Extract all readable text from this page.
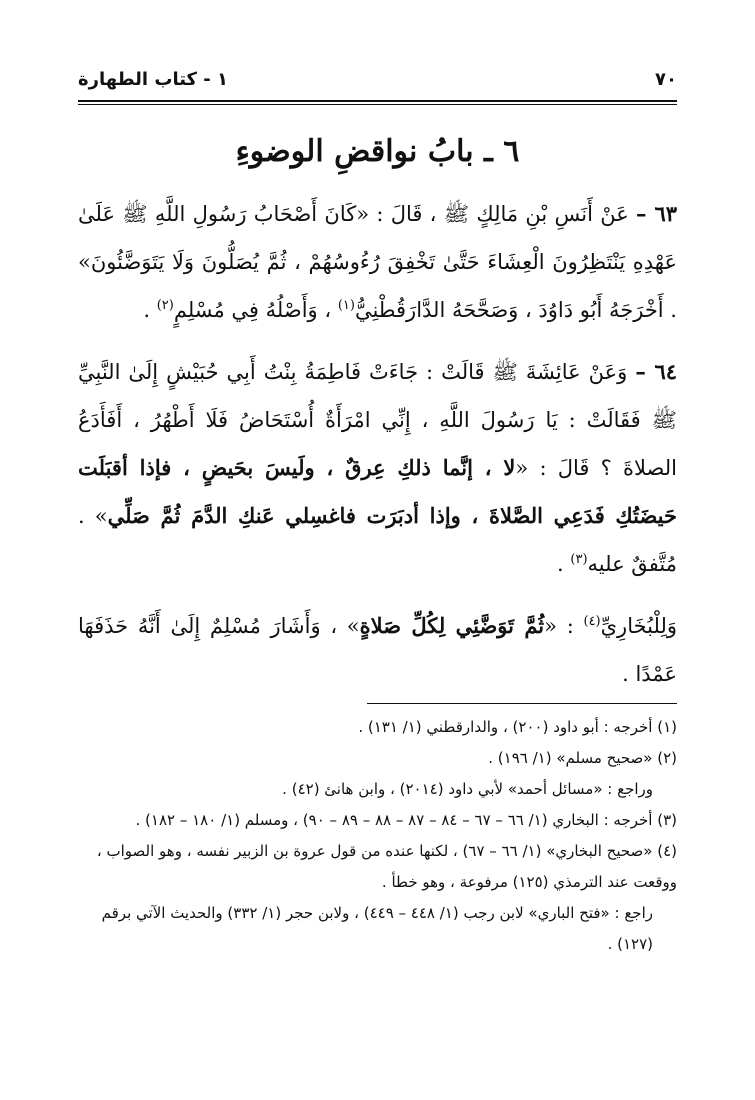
٧٠
١ - كتاب الطهارة
٦ ـ بابُ نواقضِ الوضوءِ

٦٣ – عَنْ أَنَسِ بْنِ مَالِكٍ ﷺ ، قَالَ : «كَانَ أَصْحَابُ رَسُولِ اللَّهِ ﷺ عَلَىٰ عَهْدِهِ يَنْتَظِرُونَ الْعِشَاءَ حَتَّىٰ تَخْفِقَ رُءُوسُهُمْ ، ثُمَّ يُصَلُّونَ وَلَا يَتَوَضَّئُونَ» . أَخْرَجَهُ أَبُو دَاوُدَ ، وَصَحَّحَهُ الدَّارَقُطْنِيُّ$^{(١)}$ ، وَأَصْلُهُ فِي مُسْلِمٍ$^{(٢)}$ .

٦٤ – وَعَنْ عَائِشَةَ ﷺ قَالَتْ : جَاءَتْ فَاطِمَةُ بِنْتُ أَبِي حُبَيْشٍ إِلَىٰ النَّبِيِّ ﷺ فَقَالَتْ : يَا رَسُولَ اللَّهِ ، إِنِّي امْرَأَةٌ أُسْتَحَاضُ فَلَا أَطْهُرُ ، أَفَأَدَعُ الصلاةَ ؟ قَالَ : «لا ، إنَّما ذلكِ عِرقٌ ، ولَيسَ بحَيضٍ ، فإذا أقبَلَت حَيضَتُكِ فَدَعِي الصَّلاةَ ، وإذا أدبَرَت فاغسِلي عَنكِ الدَّمَ ثُمَّ صَلِّي» . مُتَّفقٌ عليه$^{(٣)}$ .

وَلِلْبُخَارِيِّ$^{(٤)}$ : «ثُمَّ تَوَضَّئِي لِكُلِّ صَلاةٍ» ، وَأَشَارَ مُسْلِمٌ إِلَىٰ أَنَّهُ حَذَفَهَا عَمْدًا .

(١) أخرجه : أبو داود (٢٠٠) ، والدارقطني (١/ ١٣١) .

(٢) «صحيح مسلم» (١/ ١٩٦) .

وراجع : «مسائل أحمد» لأبي داود (٢٠١٤) ، وابن هانئ (٤٢) .

(٣) أخرجه : البخاري (١/ ٦٦ – ٦٧ – ٨٤ – ٨٧ – ٨٨ – ٨٩ – ٩٠) ، ومسلم (١/ ١٨٠ – ١٨٢) .

(٤) «صحيح البخاري» (١/ ٦٦ – ٦٧) ، لكنها عنده من قول عروة بن الزبير نفسه ، وهو الصواب ، ووقعت عند الترمذي (١٢٥) مرفوعة ، وهو خطأ .

راجع : «فتح الباري» لابن رجب (١/ ٤٤٨ – ٤٤٩) ، ولابن حجر (١/ ٣٣٢) والحديث الآتي برقم (١٢٧) .
